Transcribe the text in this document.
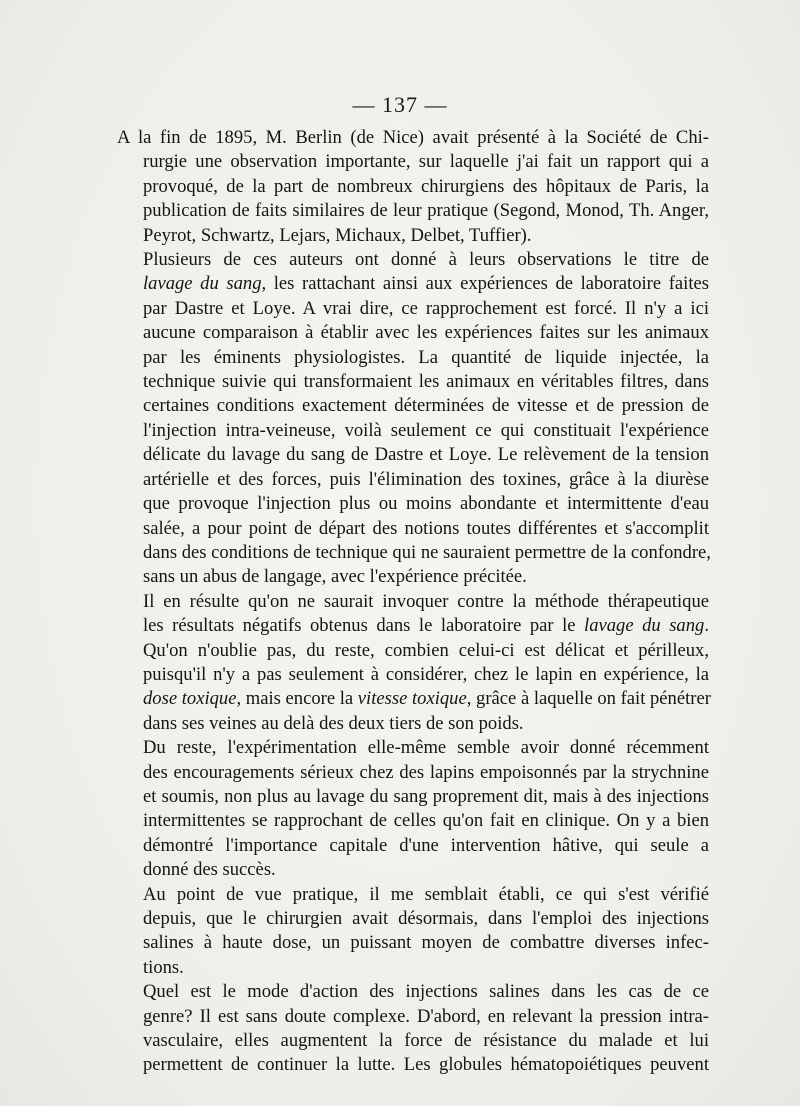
— 137 —
A la fin de 1895, M. Berlin (de Nice) avait présenté à la Société de Chi-
rurgie une observation importante, sur laquelle j'ai fait un rapport qui a
provoqué, de la part de nombreux chirurgiens des hôpitaux de Paris, la
publication de faits similaires de leur pratique (Segond, Monod, Th. Anger,
Peyrot, Schwartz, Lejars, Michaux, Delbet, Tuffier).
Plusieurs de ces auteurs ont donné à leurs observations le titre de
lavage du sang, les rattachant ainsi aux expériences de laboratoire faites
par Dastre et Loye. A vrai dire, ce rapprochement est forcé. Il n'y a ici
aucune comparaison à établir avec les expériences faites sur les animaux
par les éminents physiologistes. La quantité de liquide injectée, la
technique suivie qui transformaient les animaux en véritables filtres, dans
certaines conditions exactement déterminées de vitesse et de pression de
l'injection intra-veineuse, voilà seulement ce qui constituait l'expérience
délicate du lavage du sang de Dastre et Loye. Le relèvement de la tension
artérielle et des forces, puis l'élimination des toxines, grâce à la diurèse
que provoque l'injection plus ou moins abondante et intermittente d'eau
salée, a pour point de départ des notions toutes différentes et s'accomplit
dans des conditions de technique qui ne sauraient permettre de la confondre,
sans un abus de langage, avec l'expérience précitée.
Il en résulte qu'on ne saurait invoquer contre la méthode thérapeutique
les résultats négatifs obtenus dans le laboratoire par le lavage du sang.
Qu'on n'oublie pas, du reste, combien celui-ci est délicat et périlleux,
puisqu'il n'y a pas seulement à considérer, chez le lapin en expérience, la
dose toxique, mais encore la vitesse toxique, grâce à laquelle on fait pénétrer
dans ses veines au delà des deux tiers de son poids.
Du reste, l'expérimentation elle-même semble avoir donné récemment
des encouragements sérieux chez des lapins empoisonnés par la strychnine
et soumis, non plus au lavage du sang proprement dit, mais à des injections
intermittentes se rapprochant de celles qu'on fait en clinique. On y a bien
démontré l'importance capitale d'une intervention hâtive, qui seule a
donné des succès.
Au point de vue pratique, il me semblait établi, ce qui s'est vérifié
depuis, que le chirurgien avait désormais, dans l'emploi des injections
salines à haute dose, un puissant moyen de combattre diverses infec-
tions.
Quel est le mode d'action des injections salines dans les cas de ce
genre? Il est sans doute complexe. D'abord, en relevant la pression intra-
vasculaire, elles augmentent la force de résistance du malade et lui
permettent de continuer la lutte. Les globules hématopoiétiques peuvent
